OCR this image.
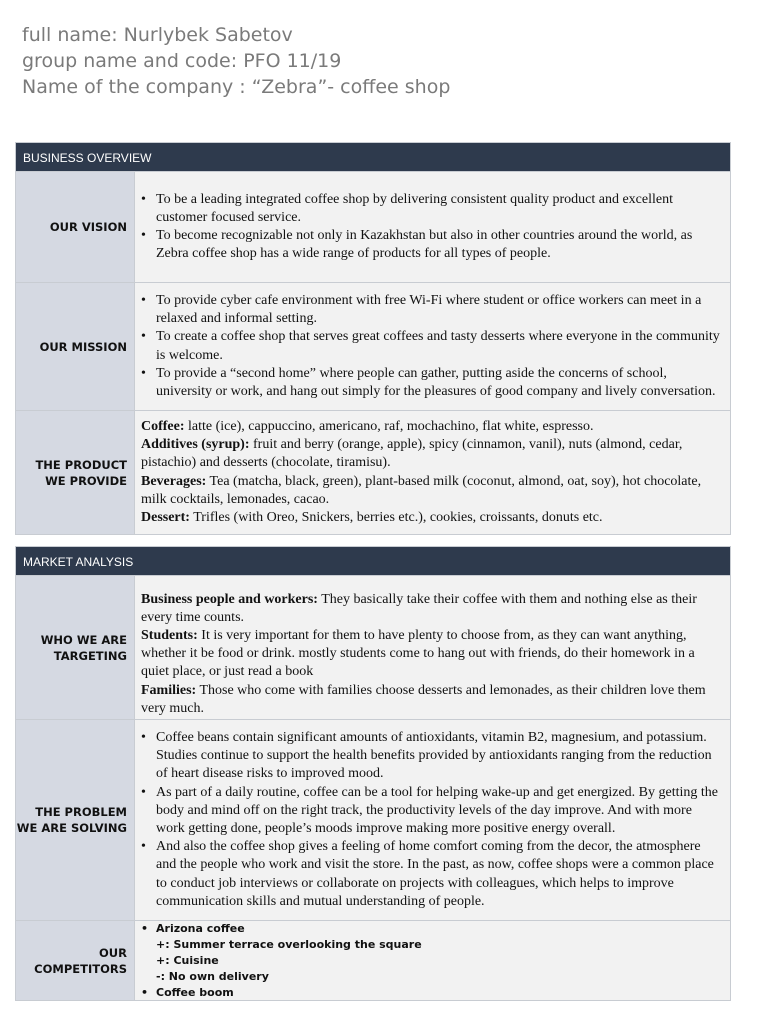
full name: Nurlybek Sabetov
group name and code: PFO 11/19
Name of the company : “Zebra”- coffee shop
BUSINESS OVERVIEW
OUR VISION
• To be a leading integrated coffee shop by delivering consistent quality product and excellent customer focused service.
• To become recognizable not only in Kazakhstan but also in other countries around the world, as Zebra coffee shop has a wide range of products for all types of people.
OUR MISSION
• To provide cyber cafe environment with free Wi-Fi where student or office workers can meet in a relaxed and informal setting.
• To create a coffee shop that serves great coffees and tasty desserts where everyone in the community is welcome.
• To provide a “second home” where people can gather, putting aside the concerns of school, university or work, and hang out simply for the pleasures of good company and lively conversation.
THE PRODUCT
WE PROVIDE

Coffee: latte (ice), cappuccino, americano, raf, mochachino, flat white, espresso.

Additives (syrup): fruit and berry (orange, apple), spicy (cinnamon, vanil), nuts (almond, cedar, pistachio) and desserts (chocolate, tiramisu).

Beverages: Tea (matcha, black, green), plant-based milk (coconut, almond, oat, soy), hot chocolate, milk cocktails, lemonades, cacao.

Dessert: Trifles (with Oreo, Snickers, berries etc.), cookies, croissants, donuts etc.

MARKET ANALYSIS
WHO WE ARE
TARGETING

Business people and workers: They basically take their coffee with them and nothing else as their every time counts.

Students: It is very important for them to have plenty to choose from, as they can want anything, whether it be food or drink. mostly students come to hang out with friends, do their homework in a quiet place, or just read a book

Families: Those who come with families choose desserts and lemonades, as their children love them very much.

THE PROBLEM
WE ARE SOLVING
• Coffee beans contain significant amounts of antioxidants, vitamin B2, magnesium, and potassium. Studies continue to support the health benefits provided by antioxidants ranging from the reduction of heart disease risks to improved mood.
• As part of a daily routine, coffee can be a tool for helping wake-up and get energized. By getting the body and mind off on the right track, the productivity levels of the day improve. And with more work getting done, people’s moods improve making more positive energy overall.
• And also the coffee shop gives a feeling of home comfort coming from the decor, the atmosphere and the people who work and visit the store. In the past, as now, coffee shops were a common place to conduct job interviews or collaborate on projects with colleagues, which helps to improve communication skills and mutual understanding of people.
OUR
COMPETITORS
• Arizona coffee
+: Summer terrace overlooking the square
+: Cuisine
-: No own delivery
• Coffee boom
